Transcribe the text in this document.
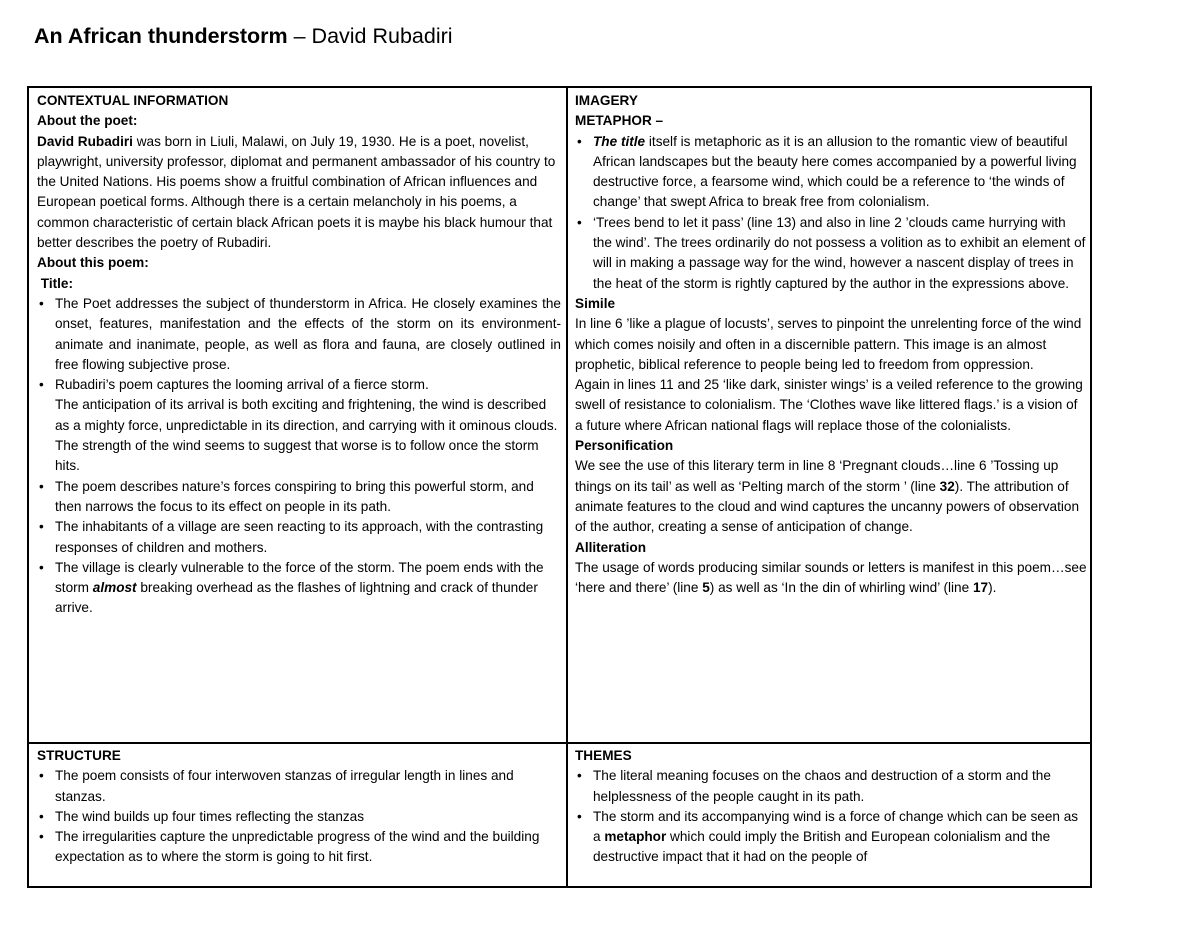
An African thunderstorm – David Rubadiri

CONTEXTUAL INFORMATION

About the poet:

David Rubadiri was born in Liuli, Malawi, on July 19, 1930. He is a poet, novelist, playwright, university professor, diplomat and permanent ambassador of his country to the United Nations. His poems show a fruitful combination of African influences and European poetical forms. Although there is a certain melancholy in his poems, a common characteristic of certain black African poets it is maybe his black humour that better describes the poetry of Rubadiri.

About this poem:

Title:

• The Poet addresses the subject of thunderstorm in Africa. He closely examines the onset, features, manifestation and the effects of the storm on its environment-animate and inanimate, people, as well as flora and fauna, are closely outlined in free flowing subjective prose.
• Rubadiri’s poem captures the looming arrival of a fierce storm.
The anticipation of its arrival is both exciting and frightening, the wind is described as a mighty force, unpredictable in its direction, and carrying with it ominous clouds. The strength of the wind seems to suggest that worse is to follow once the storm hits.
• The poem describes nature’s forces conspiring to bring this powerful storm, and then narrows the focus to its effect on people in its path.
• The inhabitants of a village are seen reacting to its approach, with the contrasting responses of children and mothers.
• The village is clearly vulnerable to the force of the storm. The poem ends with the storm almost breaking overhead as the flashes of lightning and crack of thunder arrive.

IMAGERY

METAPHOR –

• The title itself is metaphoric as it is an allusion to the romantic view of beautiful African landscapes but the beauty here comes accompanied by a powerful living destructive force, a fearsome wind, which could be a reference to ‘the winds of change’ that swept Africa to break free from colonialism.
• ‘Trees bend to let it pass’ (line 13) and also in line 2 ’clouds came hurrying with the wind’. The trees ordinarily do not possess a volition as to exhibit an element of will in making a passage way for the wind, however a nascent display of trees in the heat of the storm is rightly captured by the author in the expressions above.

Simile

In line 6 ’like a plague of locusts’, serves to pinpoint the unrelenting force of the wind which comes noisily and often in a discernible pattern. This image is an almost prophetic, biblical reference to people being led to freedom from oppression.

Again in lines 11 and 25 ‘like dark, sinister wings’ is a veiled reference to the growing swell of resistance to colonialism. The ‘Clothes wave like littered flags.’ is a vision of a future where African national flags will replace those of the colonialists.

Personification

We see the use of this literary term in line 8 ‘Pregnant clouds…line 6 ’Tossing up things on its tail’ as well as ‘Pelting march of the storm ’ (line 32). The attribution of animate features to the cloud and wind captures the uncanny powers of observation of the author, creating a sense of anticipation of change.

Alliteration

The usage of words producing similar sounds or letters is manifest in this poem…see ‘here and there’ (line 5) as well as ‘In the din of whirling wind’ (line 17).

STRUCTURE

• The poem consists of four interwoven stanzas of irregular length in lines and stanzas.
• The wind builds up four times reflecting the stanzas
• The irregularities capture the unpredictable progress of the wind and the building expectation as to where the storm is going to hit first.

THEMES

• The literal meaning focuses on the chaos and destruction of a storm and the helplessness of the people caught in its path.
• The storm and its accompanying wind is a force of change which can be seen as a metaphor which could imply the British and European colonialism and the destructive impact that it had on the people of
